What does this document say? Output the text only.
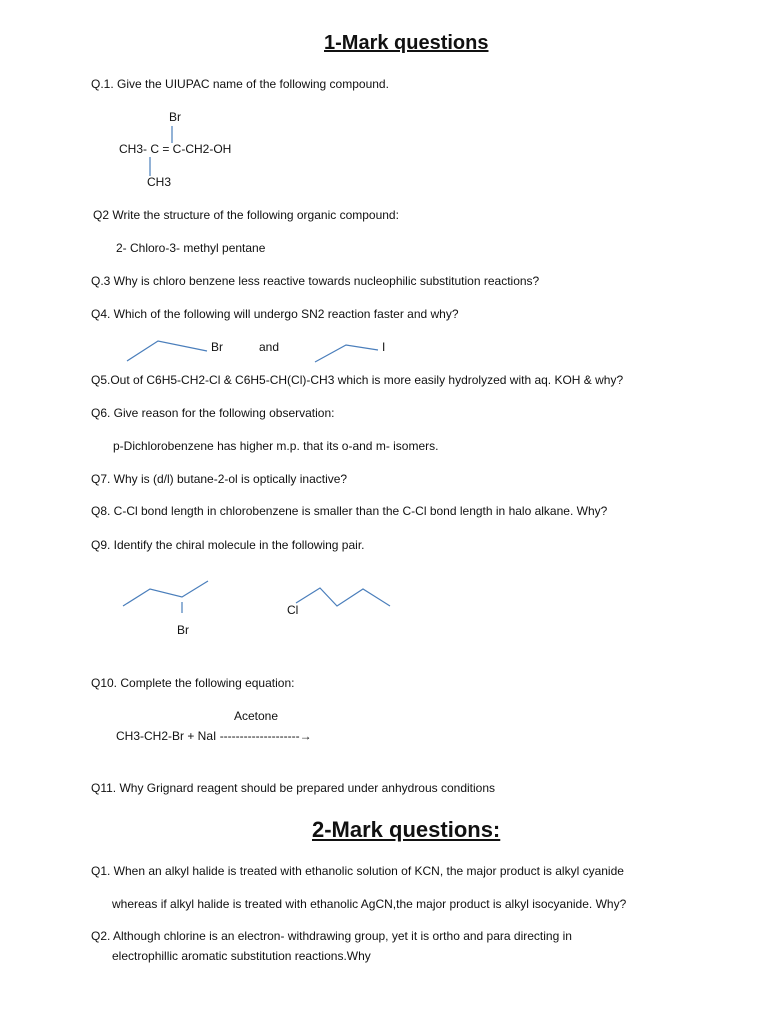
1-Mark questions
Q.1. Give the UIUPAC name of the following compound.
Br
CH3- C = C-CH2-OH
CH3
Q2 Write the structure of the following organic compound:
2- Chloro-3- methyl pentane
Q.3 Why is chloro benzene less reactive towards nucleophilic substitution reactions?
Q4. Which of the following will undergo SN2 reaction faster and why?
Br	and	I
Q5.Out of C6H5-CH2-Cl & C6H5-CH(Cl)-CH3 which is more easily hydrolyzed with aq. KOH & why?
Q6. Give reason for the following observation:
p-Dichlorobenzene has higher m.p. that its o-and m- isomers.
Q7. Why is (d/l) butane-2-ol is optically inactive?
Q8. C-Cl bond length in chlorobenzene is smaller than the C-Cl bond length in halo alkane. Why?
Q9. Identify the chiral molecule in the following pair.
Br
Cl
Q10. Complete the following equation:
Acetone
CH3-CH2-Br + NaI --------------------→
Q11. Why Grignard reagent should be prepared under anhydrous conditions
2-Mark questions:
Q1. When an alkyl halide is treated with ethanolic solution of KCN, the major product is alkyl cyanide
whereas if alkyl halide is treated with ethanolic AgCN,the major product is alkyl isocyanide. Why?
Q2. Although chlorine is an electron- withdrawing group, yet it is ortho and para directing in
electrophillic aromatic substitution reactions.Why
